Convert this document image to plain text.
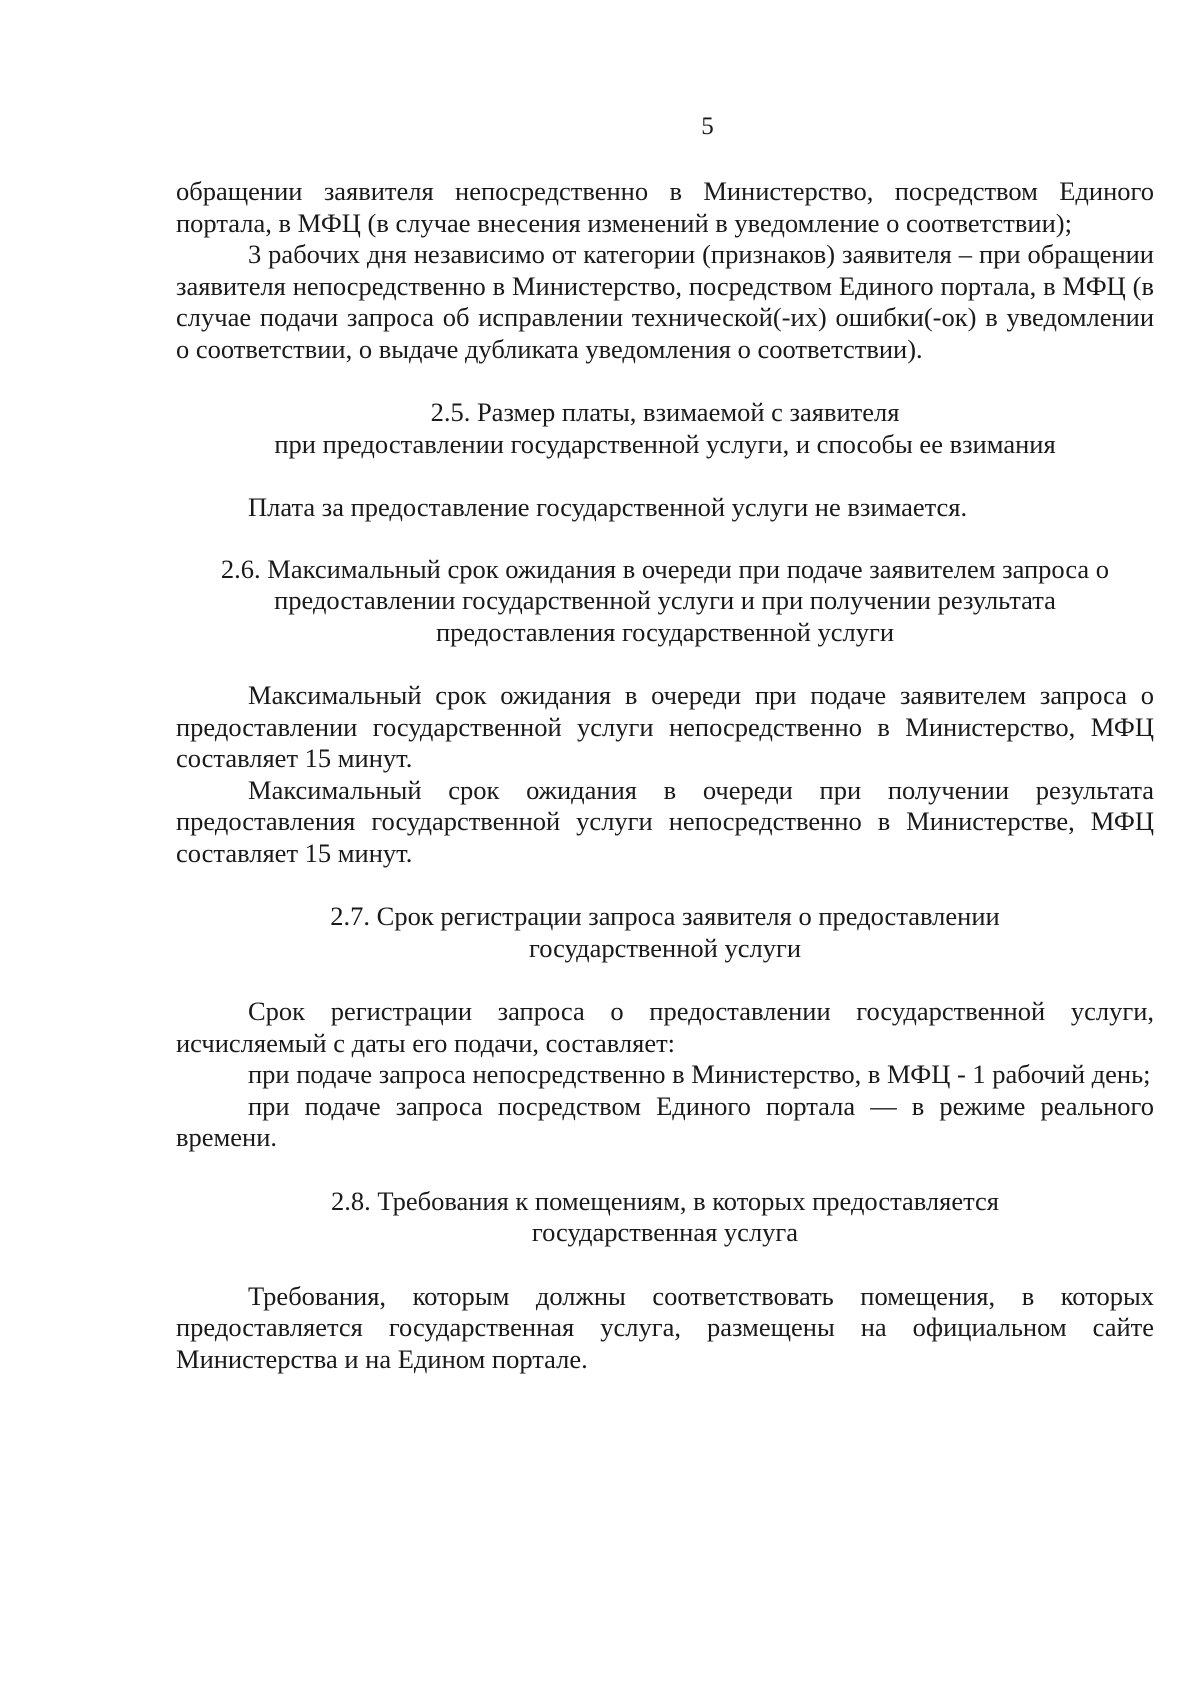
5

обращении заявителя непосредственно в Министерство, посредством Единого портала, в МФЦ (в случае внесения изменений в уведомление о соответствии);

3 рабочих дня независимо от категории (признаков) заявителя – при обращении заявителя непосредственно в Министерство, посредством Единого портала, в МФЦ (в случае подачи запроса об исправлении технической(-их) ошибки(-ок) в уведомлении о соответствии, о выдаче дубликата уведомления о соответствии).

2.5. Размер платы, взимаемой с заявителя
при предоставлении государственной услуги, и способы ее взимания

Плата за предоставление государственной услуги не взимается.

2.6. Максимальный срок ожидания в очереди при подаче заявителем запроса о
предоставлении государственной услуги и при получении результата
предоставления государственной услуги

Максимальный срок ожидания в очереди при подаче заявителем запроса о предоставлении государственной услуги непосредственно в Министерство, МФЦ составляет 15 минут.

Максимальный срок ожидания в очереди при получении результата предоставления государственной услуги непосредственно в Министерстве, МФЦ составляет 15 минут.

2.7. Срок регистрации запроса заявителя о предоставлении
государственной услуги

Срок регистрации запроса о предоставлении государственной услуги, исчисляемый с даты его подачи, составляет:

при подаче запроса непосредственно в Министерство, в МФЦ - 1 рабочий день;

при подаче запроса посредством Единого портала — в режиме реального времени.

2.8. Требования к помещениям, в которых предоставляется
государственная услуга

Требования, которым должны соответствовать помещения, в которых предоставляется государственная услуга, размещены на официальном сайте Министерства и на Едином портале.
